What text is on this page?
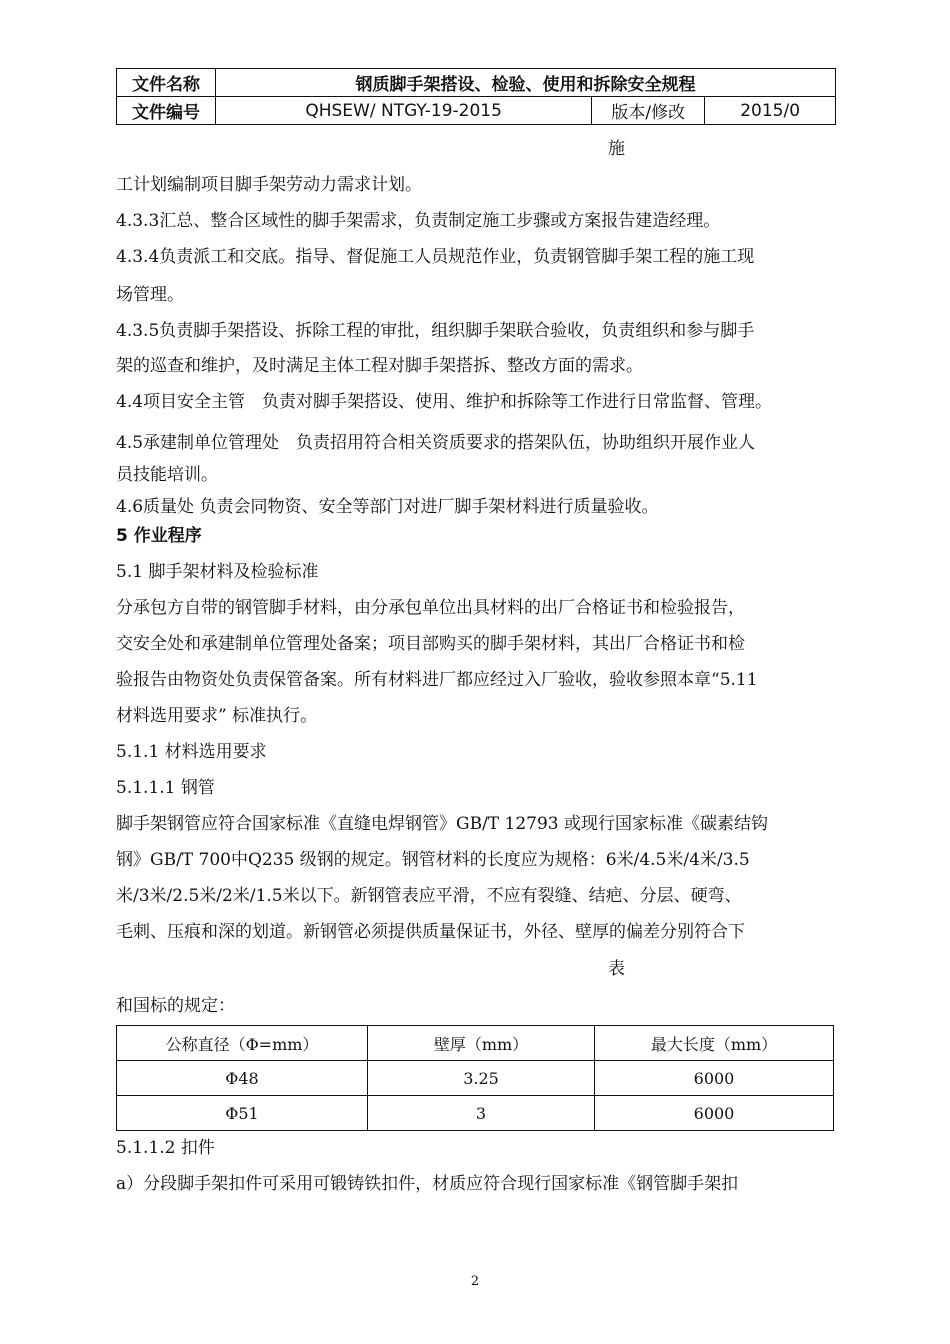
文件名称	钢质脚手架搭设、检验、使用和拆除安全规程		
文件编号	QHSEW/ NTGY-19-2015	版本/修改	2015/0
施
工计划编制项目脚手架劳动力需求计划。
4.3.3汇总、整合区域性的脚手架需求，负责制定施工步骤或方案报告建造经理。
4.3.4负责派工和交底。指导、督促施工人员规范作业，负责钢管脚手架工程的施工现
场管理。
4.3.5负责脚手架搭设、拆除工程的审批，组织脚手架联合验收，负责组织和参与脚手
架的巡查和维护，及时满足主体工程对脚手架搭拆、整改方面的需求。
4.4项目安全主管　负责对脚手架搭设、使用、维护和拆除等工作进行日常监督、管理。
4.5承建制单位管理处　负责招用符合相关资质要求的搭架队伍，协助组织开展作业人
员技能培训。
4.6质量处 负责会同物资、安全等部门对进厂脚手架材料进行质量验收。
5 作业程序
5.1 脚手架材料及检验标准
分承包方自带的钢管脚手材料，由分承包单位出具材料的出厂合格证书和检验报告，
交安全处和承建制单位管理处备案；项目部购买的脚手架材料，其出厂合格证书和检
验报告由物资处负责保管备案。所有材料进厂都应经过入厂验收，验收参照本章“5.11
材料选用要求” 标准执行。
5.1.1 材料选用要求
5.1.1.1 钢管
脚手架钢管应符合国家标准《直缝电焊钢管》GB/T 12793 或现行国家标准《碳素结钩
钢》GB/T 700中Q235 级钢的规定。钢管材料的长度应为规格：6米/4.5米/4米/3.5
米/3米/2.5米/2米/1.5米以下。新钢管表应平滑，不应有裂缝、结疤、分层、硬弯、
毛刺、压痕和深的划道。新钢管必须提供质量保证书，外径、壁厚的偏差分别符合下
表
和国标的规定：
公称直径（Φ=mm）	壁厚（mm）	最大长度（mm）
Φ48	3.25	6000
Φ51	3	6000
5.1.1.2 扣件
a）分段脚手架扣件可采用可锻铸铁扣件，材质应符合现行国家标准《钢管脚手架扣
2
